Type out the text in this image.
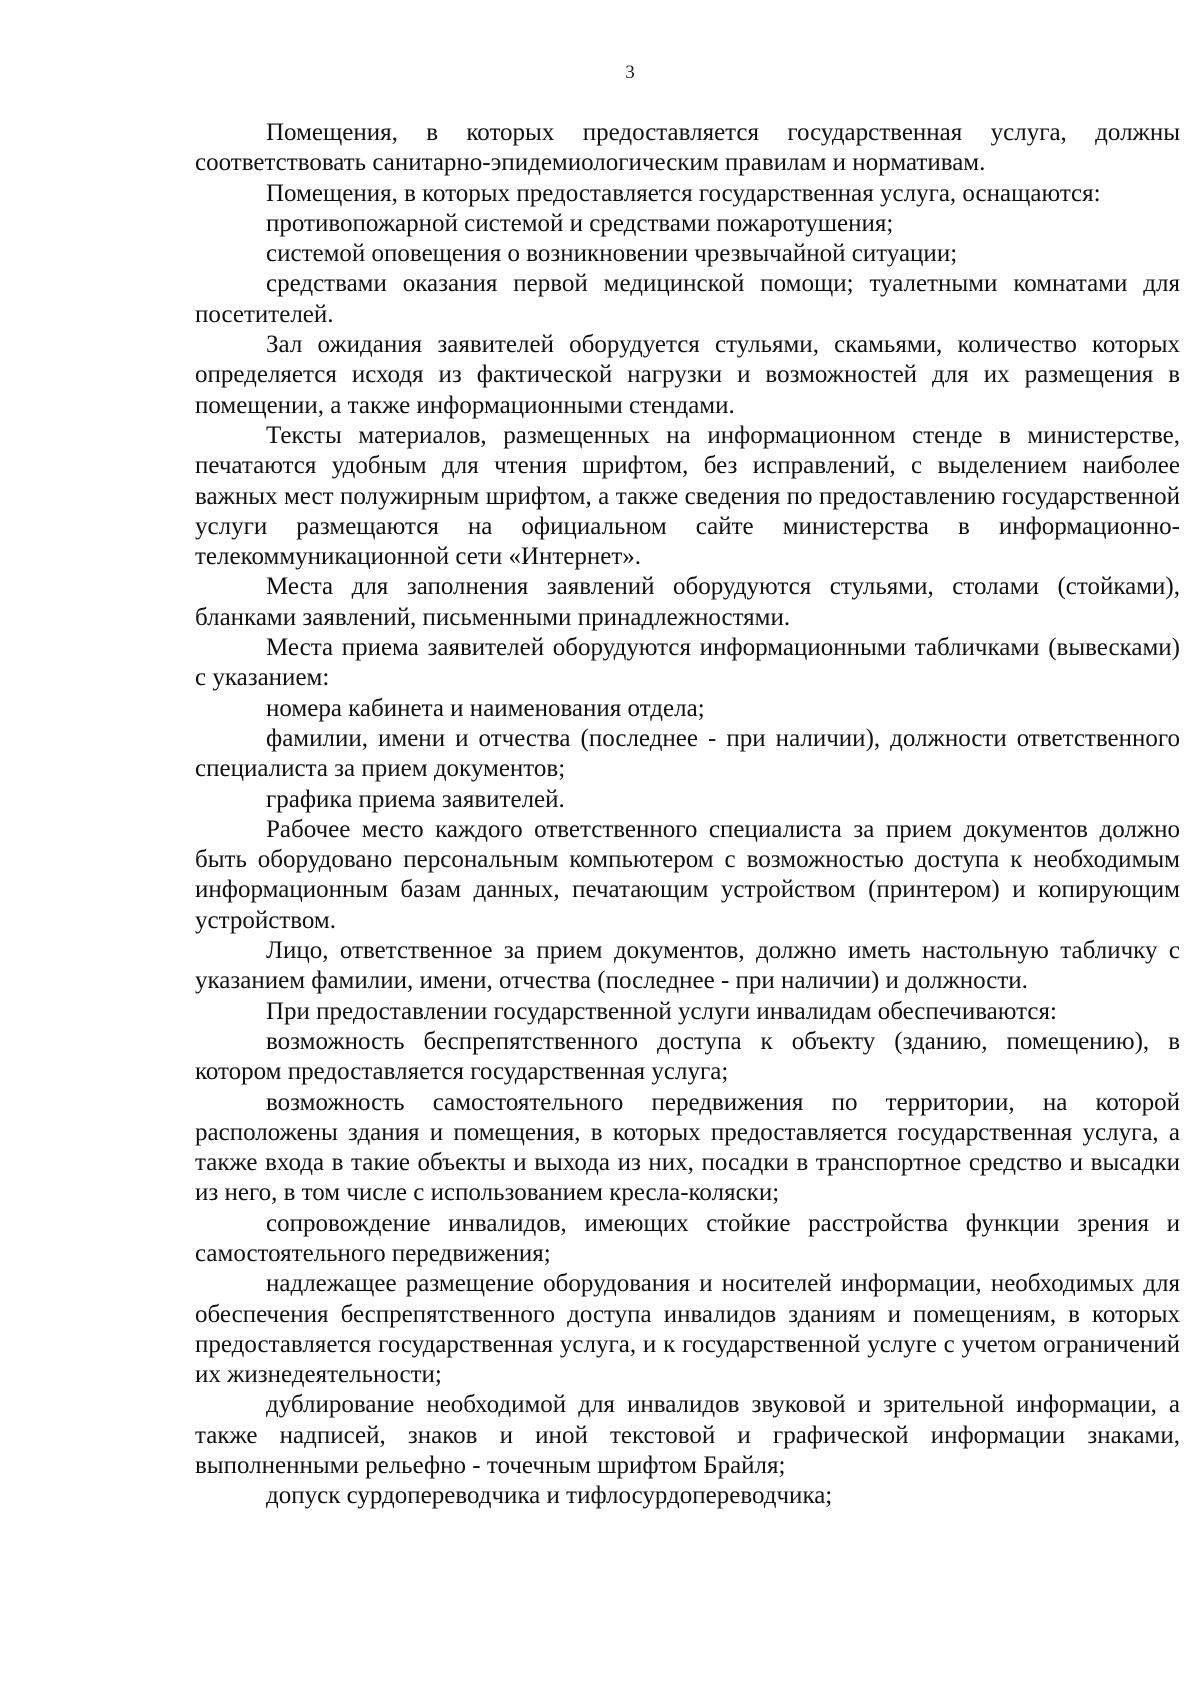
3

Помещения, в которых предоставляется государственная услуга, должны соответствовать санитарно-эпидемиологическим правилам и нормативам.

Помещения, в которых предоставляется государственная услуга, оснащаются:

противопожарной системой и средствами пожаротушения;

системой оповещения о возникновении чрезвычайной ситуации;

средствами оказания первой медицинской помощи; туалетными комнатами для посетителей.

Зал ожидания заявителей оборудуется стульями, скамьями, количество которых определяется исходя из фактической нагрузки и возможностей для их размещения в помещении, а также информационными стендами.

Тексты материалов, размещенных на информационном стенде в министерстве, печатаются удобным для чтения шрифтом, без исправлений, с выделением наиболее важных мест полужирным шрифтом, а также сведения по предоставлению государственной услуги размещаются на официальном сайте министерства в информационно-телекоммуникационной сети «Интернет».

Места для заполнения заявлений оборудуются стульями, столами (стойками), бланками заявлений, письменными принадлежностями.

Места приема заявителей оборудуются информационными табличками (вывесками) с указанием:

номера кабинета и наименования отдела;

фамилии, имени и отчества (последнее - при наличии), должности ответственного специалиста за прием документов;

графика приема заявителей.

Рабочее место каждого ответственного специалиста за прием документов должно быть оборудовано персональным компьютером с возможностью доступа к необходимым информационным базам данных, печатающим устройством (принтером) и копирующим устройством.

Лицо, ответственное за прием документов, должно иметь настольную табличку с указанием фамилии, имени, отчества (последнее - при наличии) и должности.

При предоставлении государственной услуги инвалидам обеспечиваются:

возможность беспрепятственного доступа к объекту (зданию, помещению), в котором предоставляется государственная услуга;

возможность самостоятельного передвижения по территории, на которой расположены здания и помещения, в которых предоставляется государственная услуга, а также входа в такие объекты и выхода из них, посадки в транспортное средство и высадки из него, в том числе с использованием кресла-коляски;

сопровождение инвалидов, имеющих стойкие расстройства функции зрения и самостоятельного передвижения;

надлежащее размещение оборудования и носителей информации, необходимых для обеспечения беспрепятственного доступа инвалидов зданиям и помещениям, в которых предоставляется государственная услуга, и к государственной услуге с учетом ограничений их жизнедеятельности;

дублирование необходимой для инвалидов звуковой и зрительной информации, а также надписей, знаков и иной текстовой и графической информации знаками, выполненными рельефно - точечным шрифтом Брайля;

допуск сурдопереводчика и тифлосурдопереводчика;
